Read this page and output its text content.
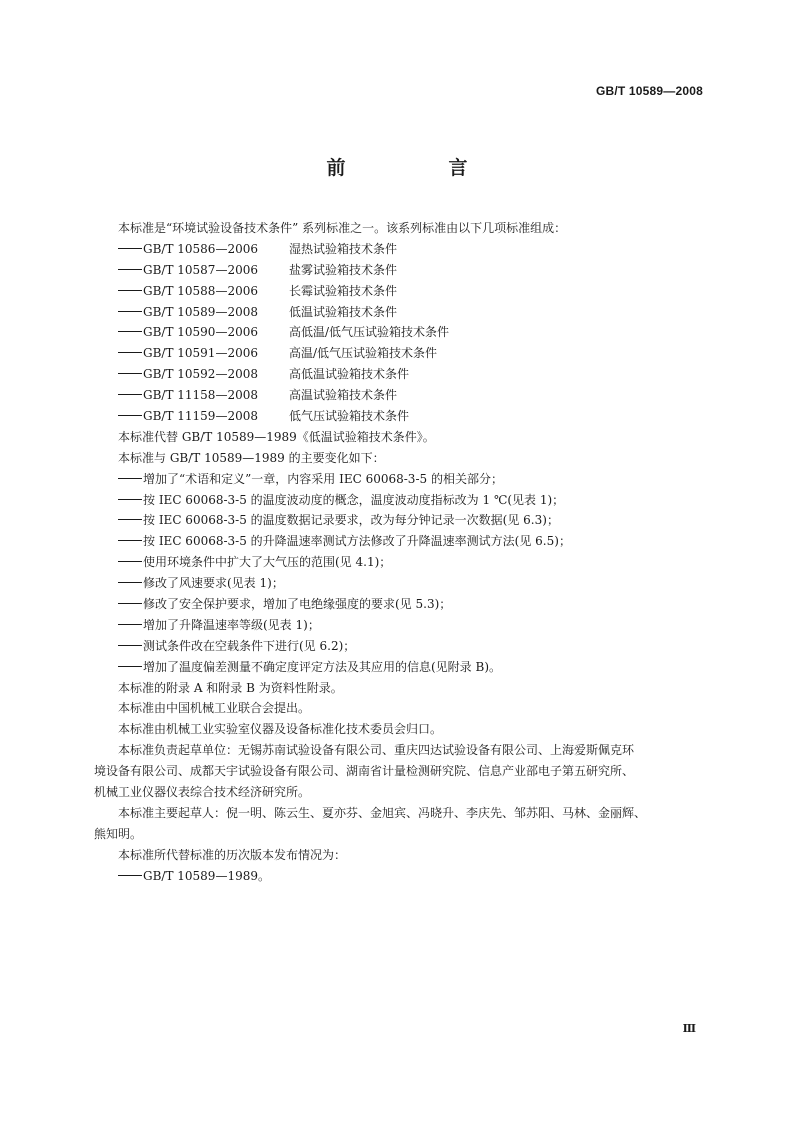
GB/T 10589—2008
前　言
本标准是“环境试验设备技术条件” 系列标准之一。该系列标准由以下几项标准组成：
GB/T 10586—2006	湿热试验箱技术条件
GB/T 10587—2006	盐雾试验箱技术条件
GB/T 10588—2006	长霉试验箱技术条件
GB/T 10589—2008	低温试验箱技术条件
GB/T 10590—2006	高低温/低气压试验箱技术条件
GB/T 10591—2006	高温/低气压试验箱技术条件
GB/T 10592—2008	高低温试验箱技术条件
GB/T 11158—2008	高温试验箱技术条件
GB/T 11159—2008	低气压试验箱技术条件
本标准代替 GB/T 10589—1989《低温试验箱技术条件》。
本标准与 GB/T 10589—1989 的主要变化如下：
增加了“术语和定义”一章，内容采用 IEC 60068-3-5 的相关部分；
按 IEC 60068-3-5 的温度波动度的概念，温度波动度指标改为 1 ℃(见表 1)；
按 IEC 60068-3-5 的温度数据记录要求，改为每分钟记录一次数据(见 6.3)；
按 IEC 60068-3-5 的升降温速率测试方法修改了升降温速率测试方法(见 6.5)；
使用环境条件中扩大了大气压的范围(见 4.1)；
修改了风速要求(见表 1)；
修改了安全保护要求，增加了电绝缘强度的要求(见 5.3)；
增加了升降温速率等级(见表 1)；
测试条件改在空载条件下进行(见 6.2)；
增加了温度偏差测量不确定度评定方法及其应用的信息(见附录 B)。
本标准的附录 A 和附录 B 为资料性附录。
本标准由中国机械工业联合会提出。
本标准由机械工业实验室仪器及设备标准化技术委员会归口。
本标准负责起草单位：无锡苏南试验设备有限公司、重庆四达试验设备有限公司、上海爱斯佩克环
境设备有限公司、成都天宇试验设备有限公司、湖南省计量检测研究院、信息产业部电子第五研究所、
机械工业仪器仪表综合技术经济研究所。
本标准主要起草人：倪一明、陈云生、夏亦芬、金旭宾、冯晓升、李庆先、邹苏阳、马林、金丽辉、
熊知明。
本标准所代替标准的历次版本发布情况为：
GB/T 10589—1989。
Ⅲ
